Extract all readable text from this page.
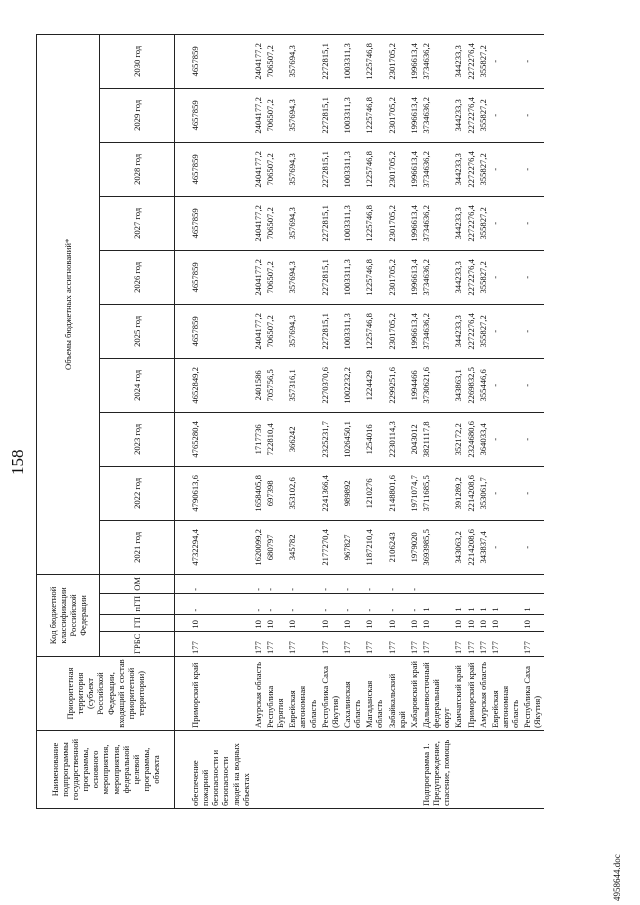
158
4958644.doc
Наименование подпрограммы государственной программы, основного мероприятия, мероприятия, федеральной целевой программы, объекта	Приоритетная территория (субъект Российской Федерации, входящий в состав приоритетной территории)	Код бюджетной классификации Российской Федерации				Объемы бюджетных ассигнований*									
		ГРБС	ГП	пГП	ОМ	2021 год	2022 год	2023 год	2024 год	2025 год	2026 год	2027 год	2028 год	2029 год	2030 год

обеспечение пожарной безопасности и безопасности людей на водных объектах	Приморский край	177	10	-	-	4732294,4	4790613,6	4765280,4	4652849,2	4657859	4657859	4657859	4657859	4657859	4657859
	Амурская область	177	10	-	-	1620099,2	1658405,8	1717736	2401586	2404177,2	2404177,2	2404177,2	2404177,2	2404177,2	2404177,2
	Республика Бурятия	177	10	-	-	680797	697398	722810,4	705756,5	706507,2	706507,2	706507,2	706507,2	706507,2	706507,2
	Еврейская автономная область	177	10	-	-	345782	353102,6	366242	357316,1	357694,3	357694,3	357694,3	357694,3	357694,3	357694,3
	Республика Саха (Якутия)	177	10	-	-	2177270,4	2241366,4	2325231,7	2270370,6	2272815,1	2272815,1	2272815,1	2272815,1	2272815,1	2272815,1
	Сахалинская область	177	10	-	-	967827	989892	1026450,1	1002232,2	1003311,3	1003311,3	1003311,3	1003311,3	1003311,3	1003311,3
	Магаданская область	177	10	-	-	1187210,4	1210276	1254016	1224429	1225746,8	1225746,8	1225746,8	1225746,8	1225746,8	1225746,8
	Забайкальский край	177	10	-	-	2106243	2148801,6	2230114,3	2299251,6	2301705,2	2301705,2	2301705,2	2301705,2	2301705,2	2301705,2
	Хабаровский край	177	10	-	-	1979020	1971074,7	2043012	1994466	1996613,4	1996613,4	1996613,4	1996613,4	1996613,4	1996613,4
Подпрограмма 1. Предупреждение, спасение, помощь	Дальневосточный федеральный округ	177	10	1		3693985,5	3711685,5	3821117,8	3730621,6	3734636,2	3734636,2	3734636,2	3734636,2	3734636,2	3734636,2
	Камчатский край	177	10	1		343063,2	391289,2	352172,2	343863,1	344233,3	344233,3	344233,3	344233,3	344233,3	344233,3
	Приморский край	177	10	1		2214208,6	2214208,6	2324680,6	2269832,5	2272276,4	2272276,4	2272276,4	2272276,4	2272276,4	2272276,4
	Амурская область	177	10	1		343837,4	353061,7	364033,4	355446,6	355827,2	355827,2	355827,2	355827,2	355827,2	355827,2
	Еврейская автономная область	177	10	1		-	-	-	-	-	-	-	-	-	-
	Республика Саха (Якутия)	177	10	1		-	-	-	-	-	-	-	-	-	-
